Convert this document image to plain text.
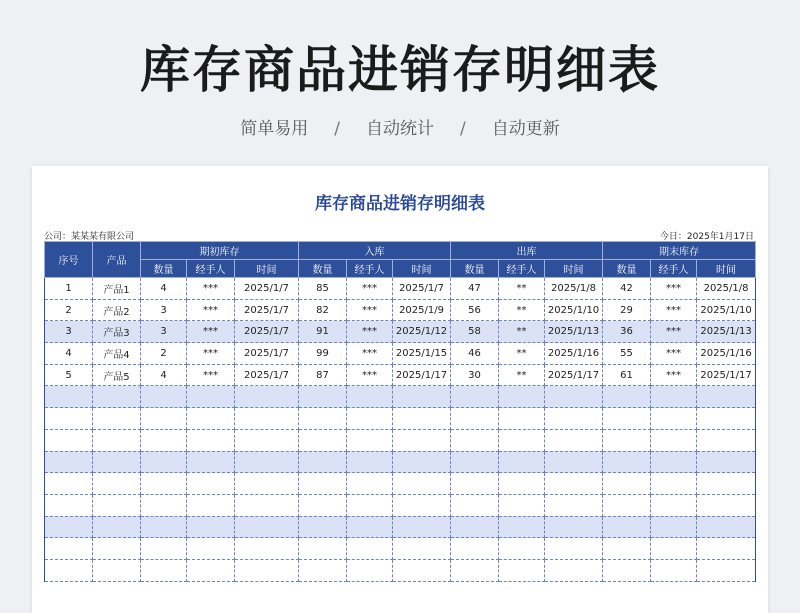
库存商品进销存明细表
简单易用 / 自动统计 / 自动更新
库存商品进销存明细表
公司：某某某有限公司	今日：2025年1月17日
序号	产品	期初库存			入库			出库			期末库存		
		数量	经手人	时间	数量	经手人	时间	数量	经手人	时间	数量	经手人	时间
1	产品1	4	***	2025/1/7	85	***	2025/1/7	47	**	2025/1/8	42	***	2025/1/8
2	产品2	3	***	2025/1/7	82	***	2025/1/9	56	**	2025/1/10	29	***	2025/1/10
3	产品3	3	***	2025/1/7	91	***	2025/1/12	58	**	2025/1/13	36	***	2025/1/13
4	产品4	2	***	2025/1/7	99	***	2025/1/15	46	**	2025/1/16	55	***	2025/1/16
5	产品5	4	***	2025/1/7	87	***	2025/1/17	30	**	2025/1/17	61	***	2025/1/17
